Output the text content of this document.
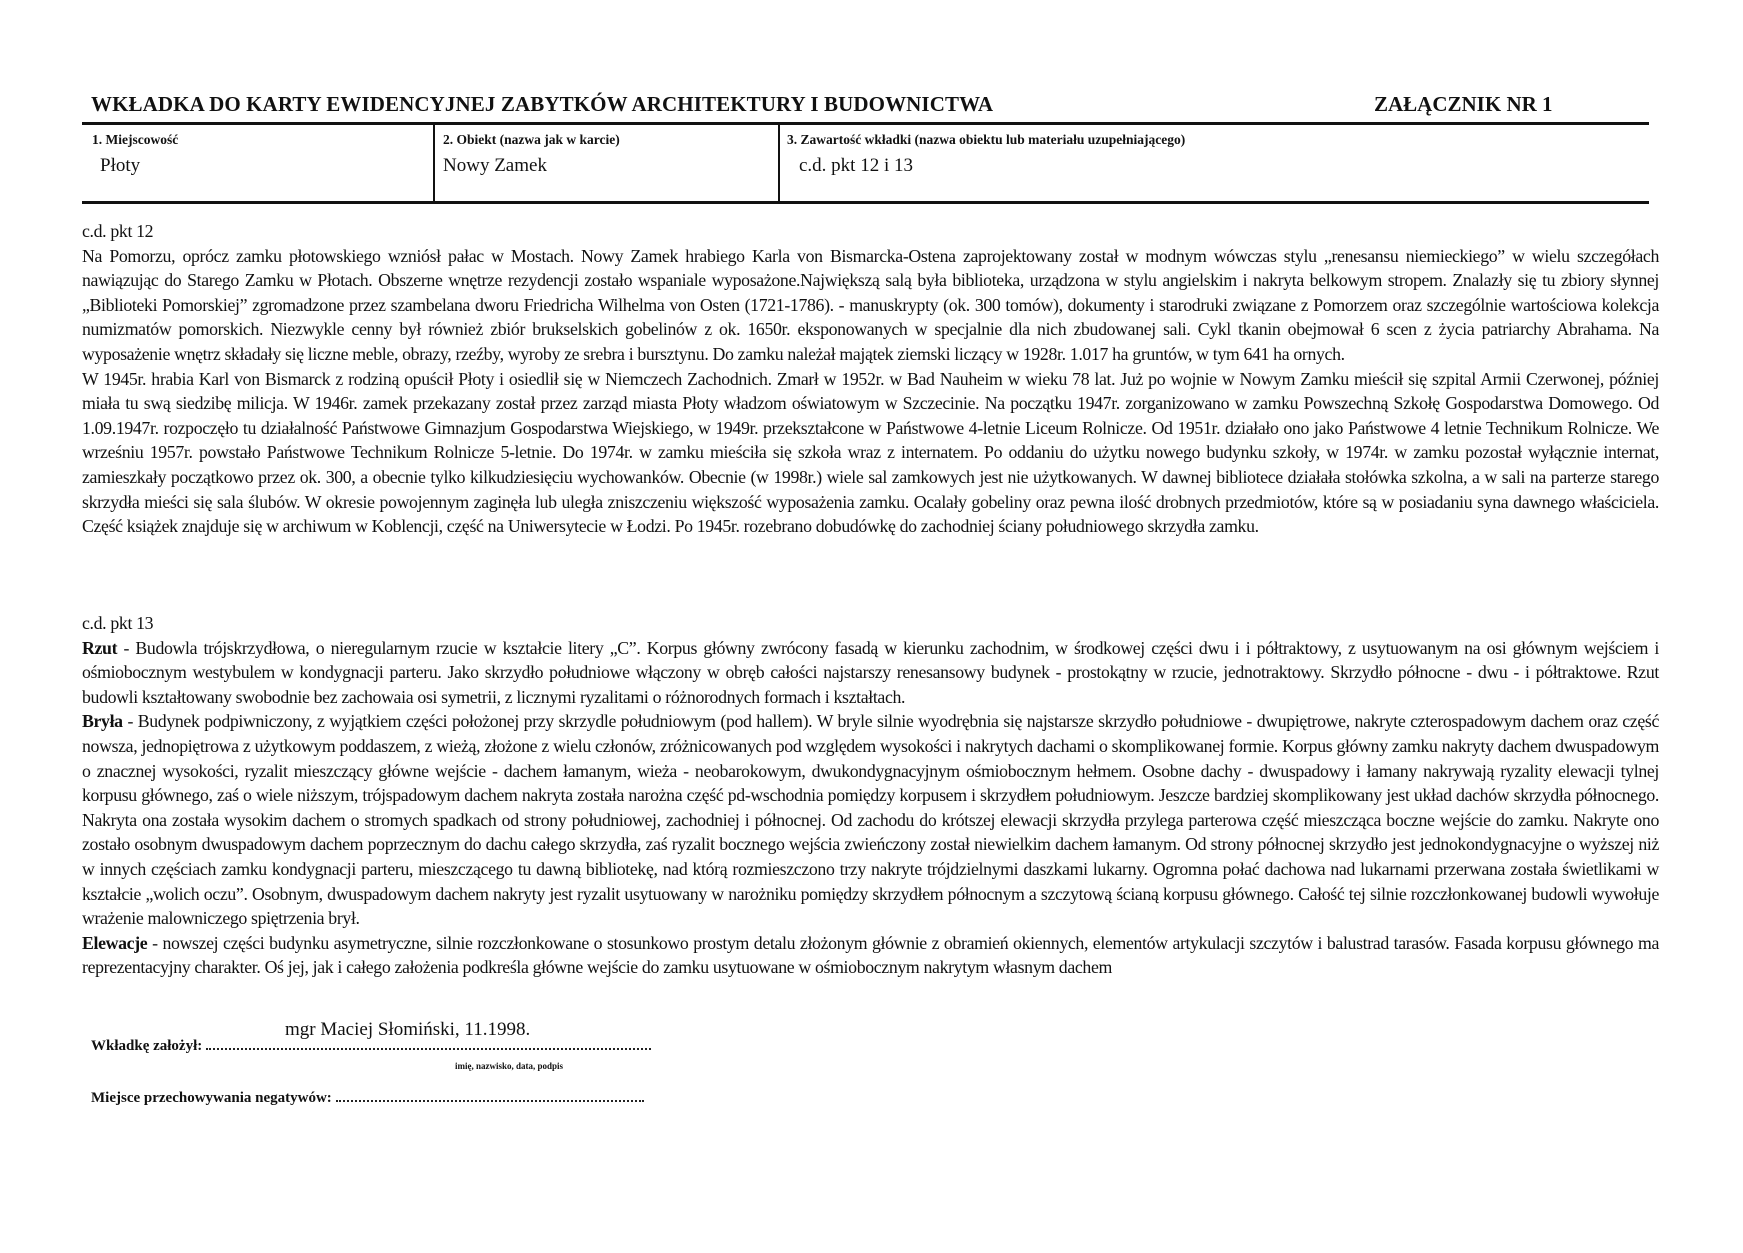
WKŁADKA DO KARTY EWIDENCYJNEJ ZABYTKÓW ARCHITEKTURY I BUDOWNICTWA	ZAŁĄCZNIK NR 1
1. Miejscowość
Płoty
2. Obiekt (nazwa jak w karcie)
Nowy Zamek
3. Zawartość wkładki (nazwa obiektu lub materiału uzupełniającego)
c.d. pkt 12 i 13
c.d. pkt 12

Na Pomorzu, oprócz zamku płotowskiego wzniósł pałac w Mostach. Nowy Zamek hrabiego Karla von Bismarcka-Ostena zaprojektowany został w modnym wówczas stylu „renesansu niemieckiego” w wielu szczegółach nawiązując do Starego Zamku w Płotach. Obszerne wnętrze rezydencji zostało wspaniale wyposażone.Największą salą była biblioteka, urządzona w stylu angielskim i nakryta belkowym stropem. Znalazły się tu zbiory słynnej „Biblioteki Pomorskiej” zgromadzone przez szambelana dworu Friedricha Wilhelma von Osten (1721-1786). - manuskrypty (ok. 300 tomów), dokumenty i starodruki związane z Pomorzem oraz szczególnie wartościowa kolekcja numizmatów pomorskich. Niezwykle cenny był również zbiór brukselskich gobelinów z ok. 1650r. eksponowanych w specjalnie dla nich zbudowanej sali. Cykl tkanin obejmował 6 scen z życia patriarchy Abrahama. Na wyposażenie wnętrz składały się liczne meble, obrazy, rzeźby, wyroby ze srebra i bursztynu. Do zamku należał majątek ziemski liczący w 1928r. 1.017 ha gruntów, w tym 641 ha ornych.

W 1945r. hrabia Karl von Bismarck z rodziną opuścił Płoty i osiedlił się w Niemczech Zachodnich. Zmarł w 1952r. w Bad Nauheim w wieku 78 lat. Już po wojnie w Nowym Zamku mieścił się szpital Armii Czerwonej, później miała tu swą siedzibę milicja. W 1946r. zamek przekazany został przez zarząd miasta Płoty władzom oświatowym w Szczecinie. Na początku 1947r. zorganizowano w zamku Powszechną Szkołę Gospodarstwa Domowego. Od 1.09.1947r. rozpoczęło tu działalność Państwowe Gimnazjum Gospodarstwa Wiejskiego, w 1949r. przekształcone w Państwowe 4-letnie Liceum Rolnicze. Od 1951r. działało ono jako Państwowe 4 letnie Technikum Rolnicze. We wrześniu 1957r. powstało Państwowe Technikum Rolnicze 5-letnie. Do 1974r. w zamku mieściła się szkoła wraz z internatem. Po oddaniu do użytku nowego budynku szkoły, w 1974r. w zamku pozostał wyłącznie internat, zamieszkały początkowo przez ok. 300, a obecnie tylko kilkudziesięciu wychowanków. Obecnie (w 1998r.) wiele sal zamkowych jest nie użytkowanych. W dawnej bibliotece działała stołówka szkolna, a w sali na parterze starego skrzydła mieści się sala ślubów. W okresie powojennym zaginęła lub uległa zniszczeniu większość wyposażenia zamku. Ocalały gobeliny oraz pewna ilość drobnych przedmiotów, które są w posiadaniu syna dawnego właściciela. Część książek znajduje się w archiwum w Koblencji, część na Uniwersytecie w Łodzi. Po 1945r. rozebrano dobudówkę do zachodniej ściany południowego skrzydła zamku.

c.d. pkt 13

Rzut - Budowla trójskrzydłowa, o nieregularnym rzucie w kształcie litery „C”. Korpus główny zwrócony fasadą w kierunku zachodnim, w środkowej części dwu i i półtraktowy, z usytuowanym na osi głównym wejściem i ośmiobocznym westybulem w kondygnacji parteru. Jako skrzydło południowe włączony w obręb całości najstarszy renesansowy budynek - prostokątny w rzucie, jednotraktowy. Skrzydło północne - dwu - i półtraktowe. Rzut budowli kształtowany swobodnie bez zachowaia osi symetrii, z licznymi ryzalitami o różnorodnych formach i kształtach.

Bryła - Budynek podpiwniczony, z wyjątkiem części położonej przy skrzydle południowym (pod hallem). W bryle silnie wyodrębnia się najstarsze skrzydło południowe - dwupiętrowe, nakryte czterospadowym dachem oraz część nowsza, jednopiętrowa z użytkowym poddaszem, z wieżą, złożone z wielu członów, zróżnicowanych pod względem wysokości i nakrytych dachami o skomplikowanej formie. Korpus główny zamku nakryty dachem dwuspadowym o znacznej wysokości, ryzalit mieszczący główne wejście - dachem łamanym, wieża - neobarokowym, dwukondygnacyjnym ośmiobocznym hełmem. Osobne dachy - dwuspadowy i łamany nakrywają ryzality elewacji tylnej korpusu głównego, zaś o wiele niższym, trójspadowym dachem nakryta została narożna część pd-wschodnia pomiędzy korpusem i skrzydłem południowym. Jeszcze bardziej skomplikowany jest układ dachów skrzydła północnego. Nakryta ona została wysokim dachem o stromych spadkach od strony południowej, zachodniej i północnej. Od zachodu do krótszej elewacji skrzydła przylega parterowa część mieszcząca boczne wejście do zamku. Nakryte ono zostało osobnym dwuspadowym dachem poprzecznym do dachu całego skrzydła, zaś ryzalit bocznego wejścia zwieńczony został niewielkim dachem łamanym. Od strony północnej skrzydło jest jednokondygnacyjne o wyższej niż w innych częściach zamku kondygnacji parteru, mieszczącego tu dawną bibliotekę, nad którą rozmieszczono trzy nakryte trójdzielnymi daszkami lukarny. Ogromna połać dachowa nad lukarnami przerwana została świetlikami w kształcie „wolich oczu”. Osobnym, dwuspadowym dachem nakryty jest ryzalit usytuowany w narożniku pomiędzy skrzydłem północnym a szczytową ścianą korpusu głównego. Całość tej silnie rozczłonkowanej budowli wywołuje wrażenie malowniczego spiętrzenia brył.

Elewacje - nowszej części budynku asymetryczne, silnie rozczłonkowane o stosunkowo prostym detalu złożonym głównie z obramień okiennych, elementów artykulacji szczytów i balustrad tarasów. Fasada korpusu głównego ma reprezentacyjny charakter. Oś jej, jak i całego założenia podkreśla główne wejście do zamku usytuowane w ośmiobocznym nakrytym własnym dachem

mgr Maciej Słomiński, 11.1998.
Wkładkę założył:
imię, nazwisko, data, podpis
Miejsce przechowywania negatywów:
